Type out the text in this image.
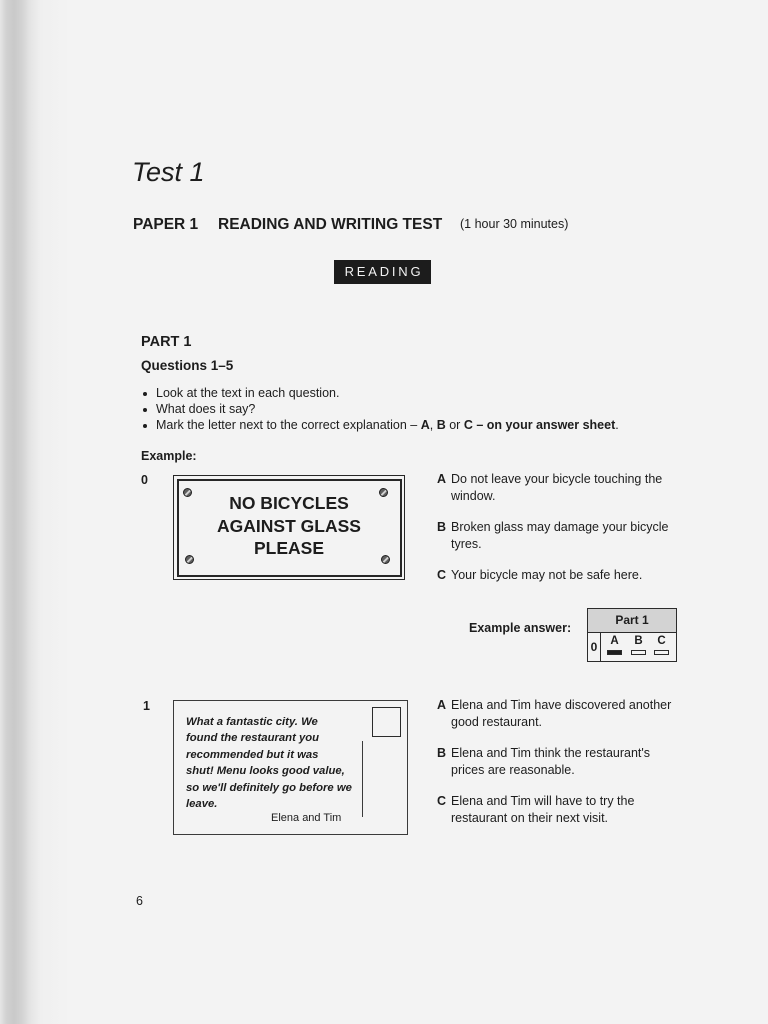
Test 1
PAPER 1 READING AND WRITING TEST (1 hour 30 minutes)
READING
PART 1
Questions 1–5
Look at the text in each question.
What does it say?
Mark the letter next to the correct explanation – A, B or C – on your answer sheet.
Example:
0
NO BICYCLES
AGAINST GLASS
PLEASE
A Do not leave your bicycle touching the window.
B Broken glass may damage your bicycle tyres.
C Your bicycle may not be safe here.
Example answer:
Part 1
0	A B C
1
What a fantastic city. We
found the restaurant you
recommended but it was
shut! Menu looks good value,
so we'll definitely go before we
leave.
Elena and Tim
A Elena and Tim have discovered another good restaurant.
B Elena and Tim think the restaurant's prices are reasonable.
C Elena and Tim will have to try the restaurant on their next visit.
6
